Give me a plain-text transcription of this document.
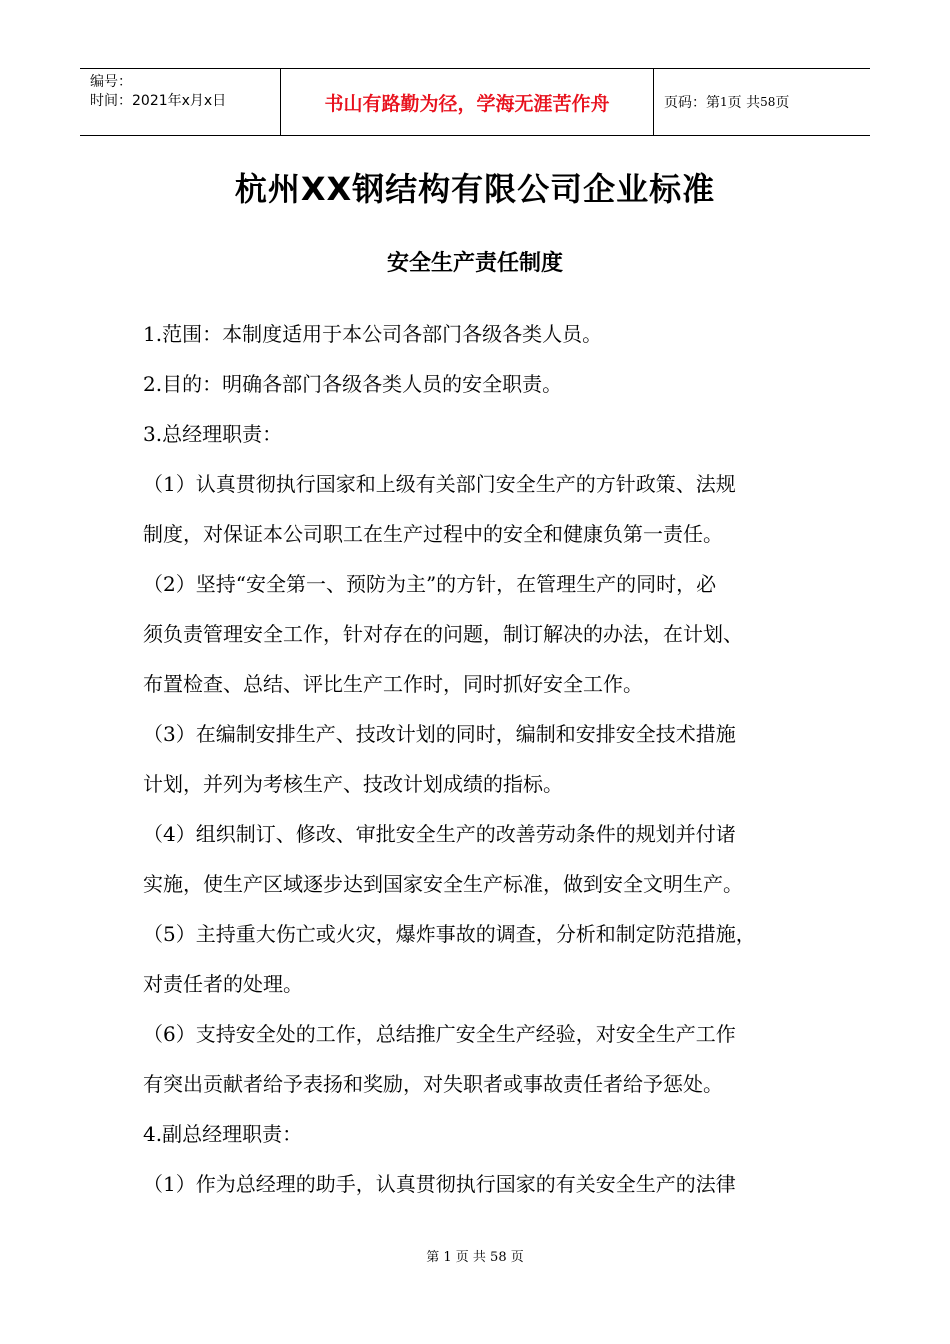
编号：
时间：2021年x月x日	书山有路勤为径，学海无涯苦作舟	页码：第 1 页 共 58 页
杭州XX钢结构有限公司企业标准
安全生产责任制度
1.范围：本制度适用于本公司各部门各级各类人员。
2.目的：明确各部门各级各类人员的安全职责。
3.总经理职责：
（1）认真贯彻执行国家和上级有关部门安全生产的方针政策、法规
制度，对保证本公司职工在生产过程中的安全和健康负第一责任。
（2）坚持“安全第一、预防为主”的方针，在管理生产的同时，必
须负责管理安全工作，针对存在的问题，制订解决的办法，在计划、
布置检查、总结、评比生产工作时，同时抓好安全工作。
（3）在编制安排生产、技改计划的同时，编制和安排安全技术措施
计划，并列为考核生产、技改计划成绩的指标。
（4）组织制订、修改、审批安全生产的改善劳动条件的规划并付诸
实施，使生产区域逐步达到国家安全生产标准，做到安全文明生产。
（5）主持重大伤亡或火灾，爆炸事故的调查，分析和制定防范措施，
对责任者的处理。
（6）支持安全处的工作，总结推广安全生产经验，对安全生产工作
有突出贡献者给予表扬和奖励，对失职者或事故责任者给予惩处。
4.副总经理职责：
（1）作为总经理的助手，认真贯彻执行国家的有关安全生产的法律
第 1 页 共 58 页
